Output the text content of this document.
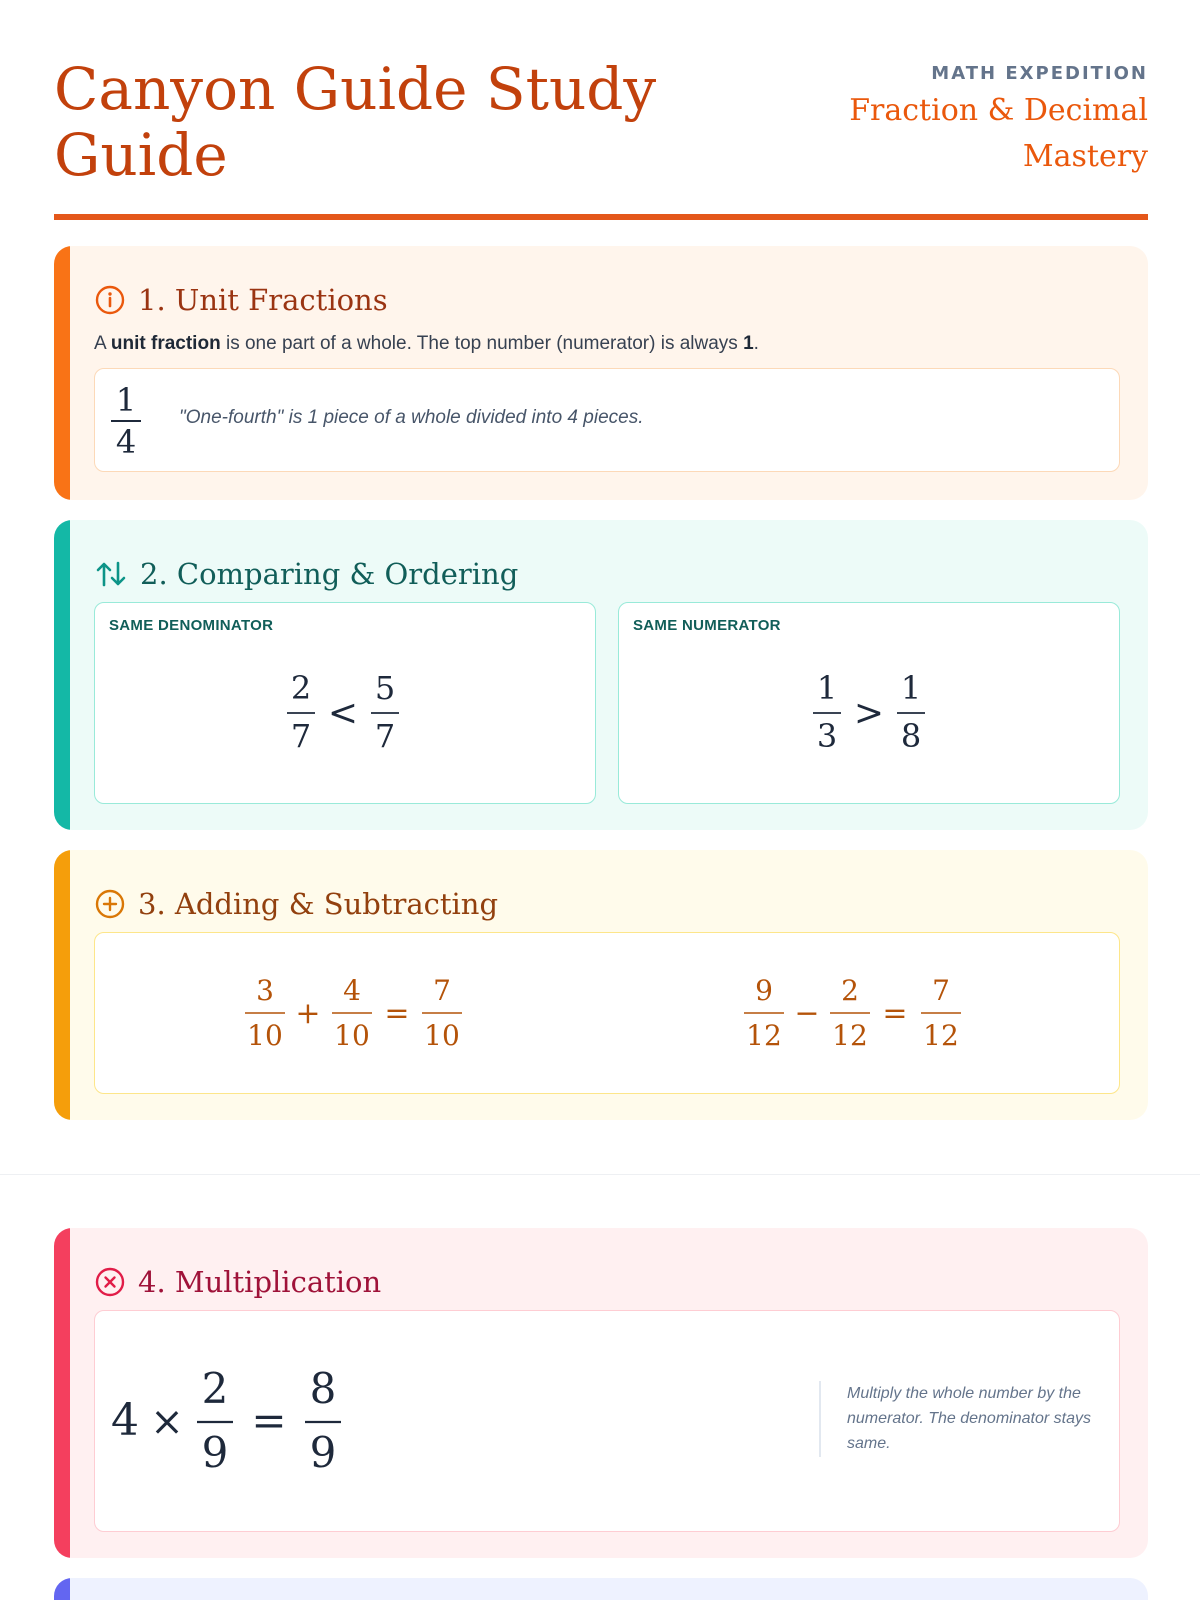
Canyon Guide Study Guide
MATH EXPEDITION
Fraction & Decimal Mastery
1. Unit Fractions
A unit fraction is one part of a whole. The top number (numerator) is always 1.
1
4
"One-fourth" is 1 piece of a whole divided into 4 pieces.
2. Comparing & Ordering
SAME DENOMINATOR
2
7
<
5
7
SAME NUMERATOR
1
3
>
1
8
3. Adding & Subtracting
3
10
+
4
10
=
7
10
9
12
−
2
12
=
7
12
4. Multiplication
4 ×
2
9
=
8
9
Multiply the whole number by the numerator. The denominator stays same.
